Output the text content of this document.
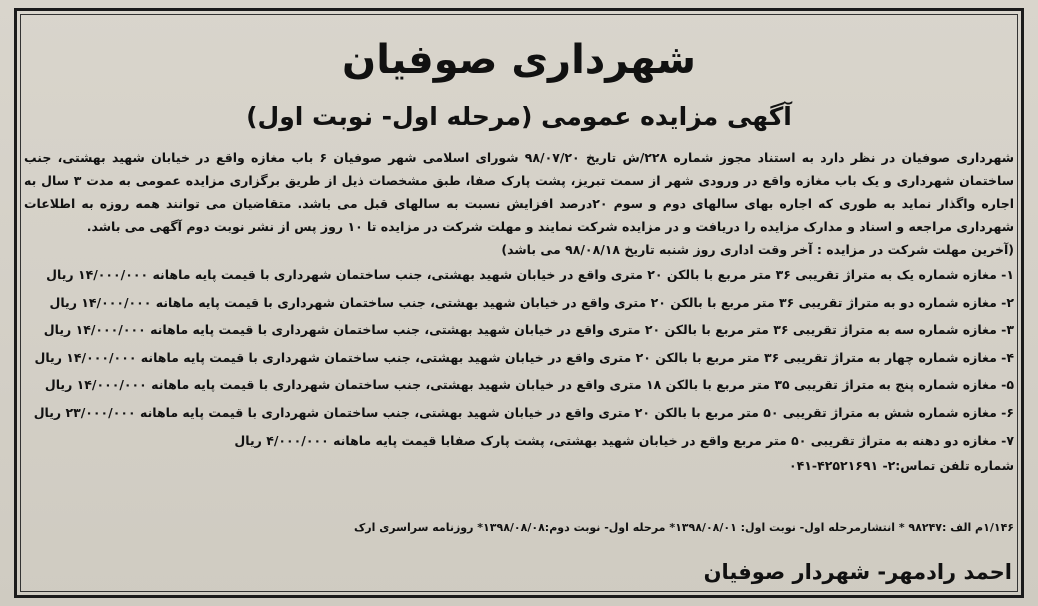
شهرداری صوفیان
آگهی مزایده عمومی (مرحله اول- نوبت اول)

شهرداری صوفیان در نظر دارد به استناد مجوز شماره ۲۲۸/ش تاریخ ۹۸/۰۷/۲۰ شورای اسلامی شهر صوفیان ۶ باب مغازه واقع در خیابان شهید بهشتی، جنب ساختمان شهرداری و یک باب مغازه واقع در ورودی شهر از سمت تبریز، پشت پارک صفا، طبق مشخصات ذیل از طریق برگزاری مزایده عمومی به مدت ۳ سال به اجاره واگذار نماید به طوری که اجاره بهای سالهای دوم و سوم ۲۰درصد افزایش نسبت به سالهای قبل می باشد. متقاضیان می توانند همه روزه به اطلاعات شهرداری مراجعه و اسناد و مدارک مزایده را دریافت و در مزایده شرکت نمایند و مهلت شرکت در مزایده تا ۱۰ روز پس از نشر نوبت دوم آگهی می باشد.

(آخرین مهلت شرکت در مزایده : آخر وقت اداری روز شنبه تاریخ ۹۸/۰۸/۱۸ می باشد)

۱- مغازه شماره یک به متراژ تقریبی ۳۶ متر مربع با بالکن ۲۰ متری واقع در خیابان شهید بهشتی، جنب ساختمان شهرداری با قیمت پایه ماهانه ۱۴/۰۰۰/۰۰۰ ریال
۲- مغازه شماره دو به متراژ تقریبی ۳۶ متر مربع با بالکن ۲۰ متری واقع در خیابان شهید بهشتی، جنب ساختمان شهرداری با قیمت پایه ماهانه ۱۴/۰۰۰/۰۰۰ ریال
۳- مغازه شماره سه به متراژ تقریبی ۳۶ متر مربع با بالکن ۲۰ متری واقع در خیابان شهید بهشتی، جنب ساختمان شهرداری با قیمت پایه ماهانه ۱۴/۰۰۰/۰۰۰ ریال
۴- مغازه شماره چهار به متراژ تقریبی ۳۶ متر مربع با بالکن ۲۰ متری واقع در خیابان شهید بهشتی، جنب ساختمان شهرداری با قیمت پایه ماهانه ۱۴/۰۰۰/۰۰۰ ریال
۵- مغازه شماره پنج به متراژ تقریبی ۳۵ متر مربع با بالکن ۱۸ متری واقع در خیابان شهید بهشتی، جنب ساختمان شهرداری با قیمت پایه ماهانه ۱۴/۰۰۰/۰۰۰ ریال
۶- مغازه شماره شش به متراژ تقریبی ۵۰ متر مربع با بالکن ۲۰ متری واقع در خیابان شهید بهشتی، جنب ساختمان شهرداری با قیمت پایه ماهانه ۲۳/۰۰۰/۰۰۰ ریال
۷- مغازه دو دهنه به متراژ تقریبی ۵۰ متر مربع واقع در خیابان شهید بهشتی، پشت پارک صفابا قیمت پایه ماهانه ۴/۰۰۰/۰۰۰ ریال

شماره تلفن تماس:۲- ۴۲۵۲۱۶۹۱-۰۴۱

۱/۱۴۶م الف :۹۸۲۴۷ * انتشارمرحله اول- نوبت اول: ۱۳۹۸/۰۸/۰۱* مرحله اول- نوبت دوم:۱۳۹۸/۰۸/۰۸* روزنامه سراسری ارک
احمد رادمهر- شهردار صوفیان
